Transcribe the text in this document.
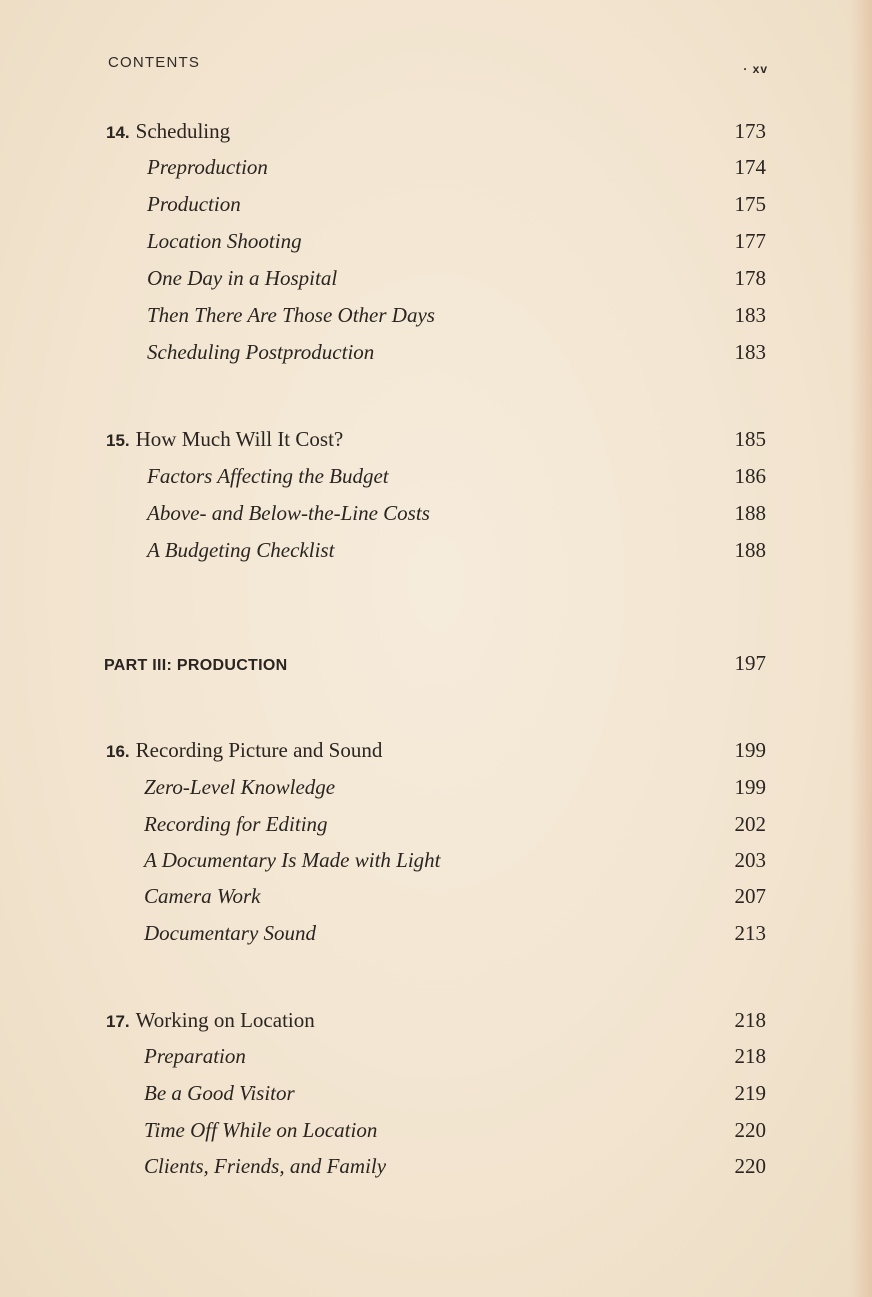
CONTENTS	· xv
14. Scheduling	173
Preproduction	174
Production	175
Location Shooting	177
One Day in a Hospital	178
Then There Are Those Other Days	183
Scheduling Postproduction	183
15. How Much Will It Cost?	185
Factors Affecting the Budget	186
Above- and Below-the-Line Costs	188
A Budgeting Checklist	188
PART III: PRODUCTION	197
16. Recording Picture and Sound	199
Zero-Level Knowledge	199
Recording for Editing	202
A Documentary Is Made with Light	203
Camera Work	207
Documentary Sound	213
17. Working on Location	218
Preparation	218
Be a Good Visitor	219
Time Off While on Location	220
Clients, Friends, and Family	220
